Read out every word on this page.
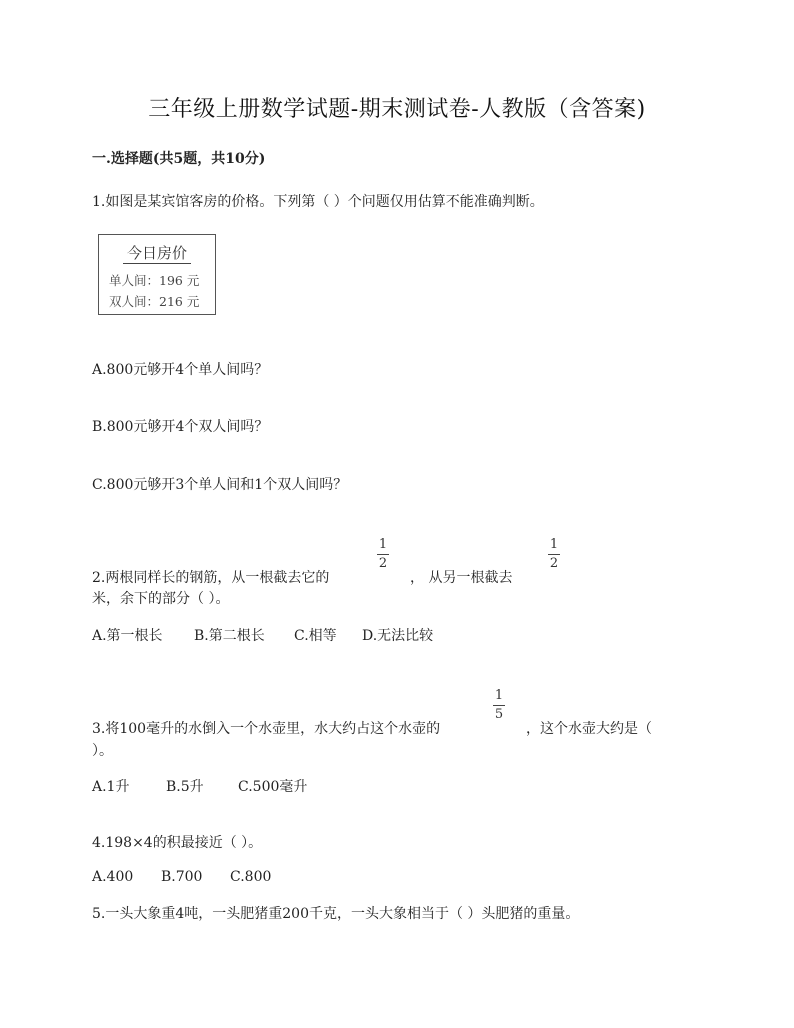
三年级上册数学试题-期末测试卷-人教版（含答案)
一.选择题(共5题，共10分)
1.如图是某宾馆客房的价格。下列第（ ）个问题仅用估算不能准确判断。
今日房价
单人间：196 元
双人间：216 元
A.800元够开4个单人间吗？
B.800元够开4个双人间吗？
C.800元够开3个单人间和1个双人间吗？
2.两根同样长的钢筋，从一根截去它的
1
2
， 从另一根截去
1
2
米，余下的部分（ ）。
A.第一根长 B.第二根长 C.相等 D.无法比较
3.将100毫升的水倒入一个水壶里，水大约占这个水壶的
1
5
，这个水壶大约是（
）。
A.1升	B.5升 C.500毫升
4.198×4的积最接近（ ）。
A.400 B.700 C.800
5.一头大象重4吨，一头肥猪重200千克，一头大象相当于（ ）头肥猪的重量。
